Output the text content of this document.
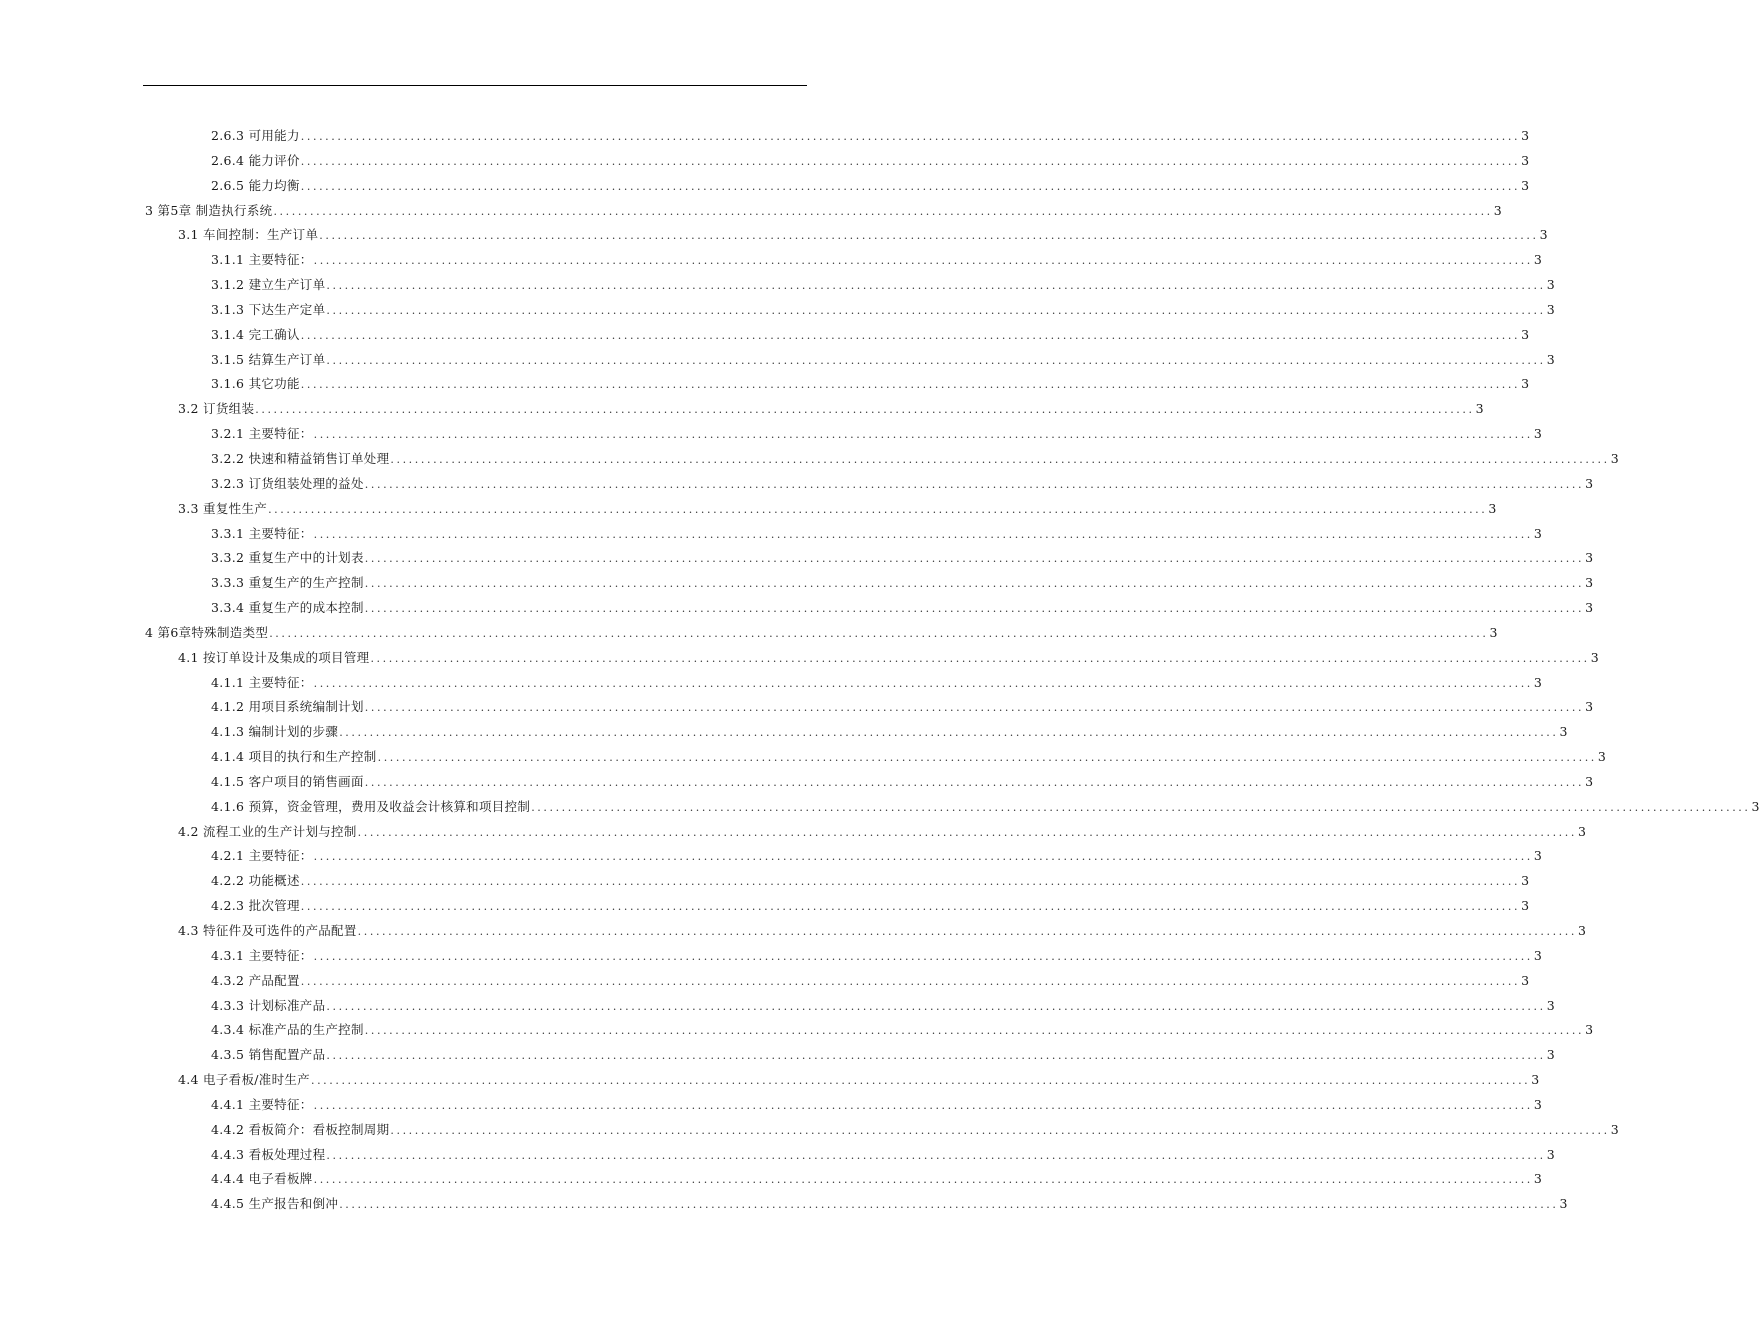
2.6.3 可用能力 ........................................................................................................................................................................................................ 3
2.6.4 能力评价 ........................................................................................................................................................................................................ 3
2.6.5 能力均衡 ........................................................................................................................................................................................................ 3
3 第5章 制造执行系统 ........................................................................................................................................................................................................ 3
3.1 车间控制：生产订单 ........................................................................................................................................................................................................ 3
3.1.1 主要特征： ........................................................................................................................................................................................................ 3
3.1.2 建立生产订单 ........................................................................................................................................................................................................ 3
3.1.3 下达生产定单 ........................................................................................................................................................................................................ 3
3.1.4 完工确认 ........................................................................................................................................................................................................ 3
3.1.5 结算生产订单 ........................................................................................................................................................................................................ 3
3.1.6 其它功能 ........................................................................................................................................................................................................ 3
3.2 订货组装 ........................................................................................................................................................................................................ 3
3.2.1 主要特征： ........................................................................................................................................................................................................ 3
3.2.2 快速和精益销售订单处理 ........................................................................................................................................................................................................ 3
3.2.3 订货组装处理的益处 ........................................................................................................................................................................................................ 3
3.3 重复性生产 ........................................................................................................................................................................................................ 3
3.3.1 主要特征： ........................................................................................................................................................................................................ 3
3.3.2 重复生产中的计划表 ........................................................................................................................................................................................................ 3
3.3.3 重复生产的生产控制 ........................................................................................................................................................................................................ 3
3.3.4 重复生产的成本控制 ........................................................................................................................................................................................................ 3
4 第6章特殊制造类型 ........................................................................................................................................................................................................ 3
4.1 按订单设计及集成的项目管理 ........................................................................................................................................................................................................ 3
4.1.1 主要特征： ........................................................................................................................................................................................................ 3
4.1.2 用项目系统编制计划 ........................................................................................................................................................................................................ 3
4.1.3 编制计划的步骤 ........................................................................................................................................................................................................ 3
4.1.4 项目的执行和生产控制 ........................................................................................................................................................................................................ 3
4.1.5 客户项目的销售画面 ........................................................................................................................................................................................................ 3
4.1.6 预算，资金管理，费用及收益会计核算和项目控制 ........................................................................................................................................................................................................ 3
4.2 流程工业的生产计划与控制 ........................................................................................................................................................................................................ 3
4.2.1 主要特征： ........................................................................................................................................................................................................ 3
4.2.2 功能概述 ........................................................................................................................................................................................................ 3
4.2.3 批次管理 ........................................................................................................................................................................................................ 3
4.3 特征件及可选件的产品配置 ........................................................................................................................................................................................................ 3
4.3.1 主要特征： ........................................................................................................................................................................................................ 3
4.3.2 产品配置 ........................................................................................................................................................................................................ 3
4.3.3 计划标准产品 ........................................................................................................................................................................................................ 3
4.3.4 标准产品的生产控制 ........................................................................................................................................................................................................ 3
4.3.5 销售配置产品 ........................................................................................................................................................................................................ 3
4.4 电子看板/准时生产 ........................................................................................................................................................................................................ 3
4.4.1 主要特征： ........................................................................................................................................................................................................ 3
4.4.2 看板简介：看板控制周期 ........................................................................................................................................................................................................ 3
4.4.3 看板处理过程 ........................................................................................................................................................................................................ 3
4.4.4 电子看板牌 ........................................................................................................................................................................................................ 3
4.4.5 生产报告和倒冲 ........................................................................................................................................................................................................ 3
